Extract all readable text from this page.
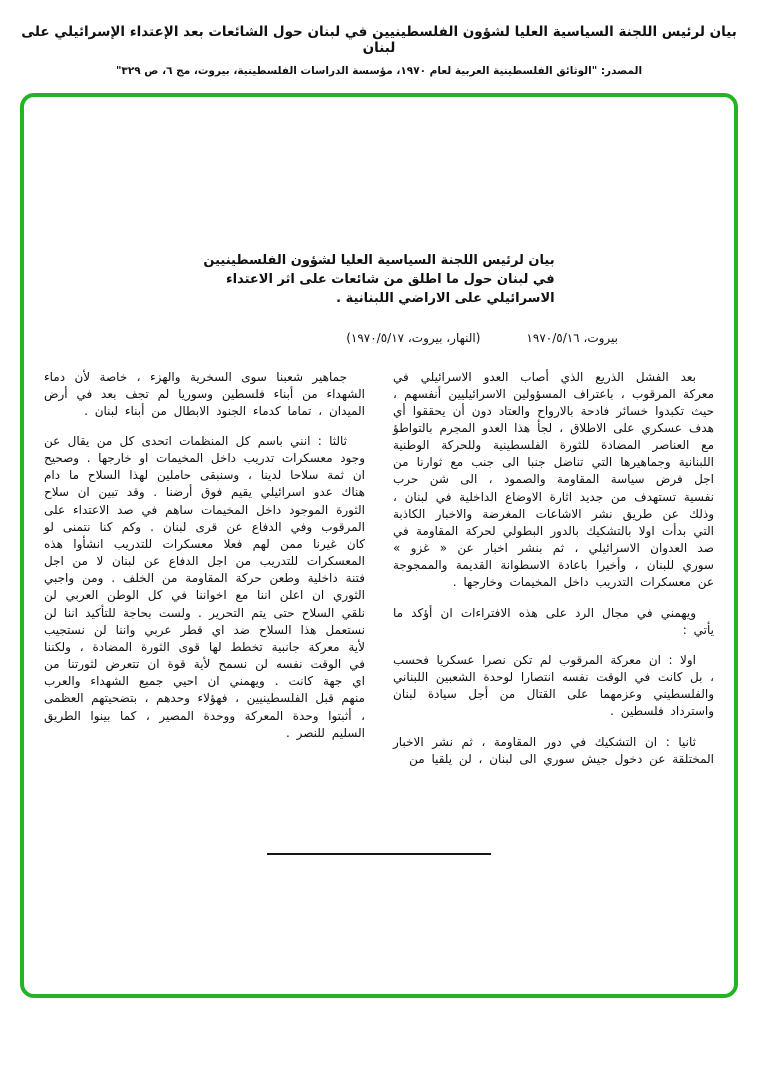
بيان لرئيس اللجنة السياسية العليا لشؤون الفلسطينيين في لبنان حول الشائعات بعد الإعتداء الإسرائيلي على لبنان
المصدر: "الوثائق الفلسطينية العربية لعام ١٩٧٠، مؤسسة الدراسات الفلسطينية، بيروت، مج ٦، ص ٣٢٩"
بيان لرئيس اللجنة السياسية العليا لشؤون الفلسطينيين
في لبنان حول ما اطلق من شائعات على اثر الاعتداء
الاسرائيلي على الاراضي اللبنانية .
بيروت، ١٩٧٠/٥/١٦
(النهار، بيروت، ١٩٧٠/٥/١٧)

بعد الفشل الذريع الذي أصاب العدو الاسرائيلي في معركة المرقوب ، باعتراف المسؤولين الاسرائيليين أنفسهم ، حيث تكبدوا خسائر فادحة بالارواح والعتاد دون أن يحققوا أي هدف عسكري على الاطلاق ، لجأ هذا العدو المجرم بالتواطؤ مع العناصر المضادة للثورة الفلسطينية وللحركة الوطنية اللبنانية وجماهيرها التي تناضل جنبا الى جنب مع ثوارنا من اجل فرض سياسة المقاومة والصمود ، الى شن حرب نفسية تستهدف من جديد اثارة الاوضاع الداخلية في لبنان ، وذلك عن طريق نشر الاشاعات المغرضة والاخبار الكاذبة التي بدأت اولا بالتشكيك بالدور البطولي لحركة المقاومة في صد العدوان الاسرائيلي ، ثم بنشر اخبار عن « غزو » سوري للبنان ، وأخيرا باعادة الاسطوانة القديمة والممجوجة عن معسكرات التدريب داخل المخيمات وخارجها .

ويهمني في مجال الرد على هذه الافتراءات ان أؤكد ما يأتي :

اولا : ان معركة المرقوب لم تكن نصرا عسكريا فحسب ، بل كانت في الوقت نفسه انتصارا لوحدة الشعبين اللبناني والفلسطيني وعزمهما على القتال من أجل سيادة لبنان واسترداد فلسطين .

ثانيا : ان التشكيك في دور المقاومة ، ثم نشر الاخبار المختلقة عن دخول جيش سوري الى لبنان ، لن يلقيا من

جماهير شعبنا سوى السخرية والهزء ، خاصة لأن دماء الشهداء من أبناء فلسطين وسوريا لم تجف بعد في أرض الميدان ، تماما كدماء الجنود الابطال من أبناء لبنان .

ثالثا : انني باسم كل المنظمات اتحدى كل من يقال عن وجود معسكرات تدريب داخل المخيمات او خارجها . وصحيح ان ثمة سلاحا لدينا ، وسنبقى حاملين لهذا السلاح ما دام هناك عدو اسرائيلي يقيم فوق أرضنا . وقد تبين ان سلاح الثورة الموجود داخل المخيمات ساهم في صد الاعتداء على المرقوب وفي الدفاع عن قرى لبنان . وكم كنا نتمنى لو كان غيرنا ممن لهم فعلا معسكرات للتدريب انشأوا هذه المعسكرات للتدريب من اجل الدفاع عن لبنان لا من اجل فتنة داخلية وطعن حركة المقاومة من الخلف . ومن واجبي الثوري ان اعلن اننا مع اخواننا في كل الوطن العربي لن نلقي السلاح حتى يتم التحرير . ولست بحاجة للتأكيد اننا لن نستعمل هذا السلاح ضد اي قطر عربي واننا لن نستجيب لأية معركة جانبية تخطط لها قوى الثورة المضادة ، ولكننا في الوقت نفسه لن نسمح لأية قوة ان تتعرض لثورتنا من اي جهة كانت . ويهمني ان احيي جميع الشهداء والعرب منهم قبل الفلسطينيين ، فهؤلاء وحدهم ، بتضحيتهم العظمى ، أثبتوا وحدة المعركة ووحدة المصير ، كما بينوا الطريق السليم للنصر .
